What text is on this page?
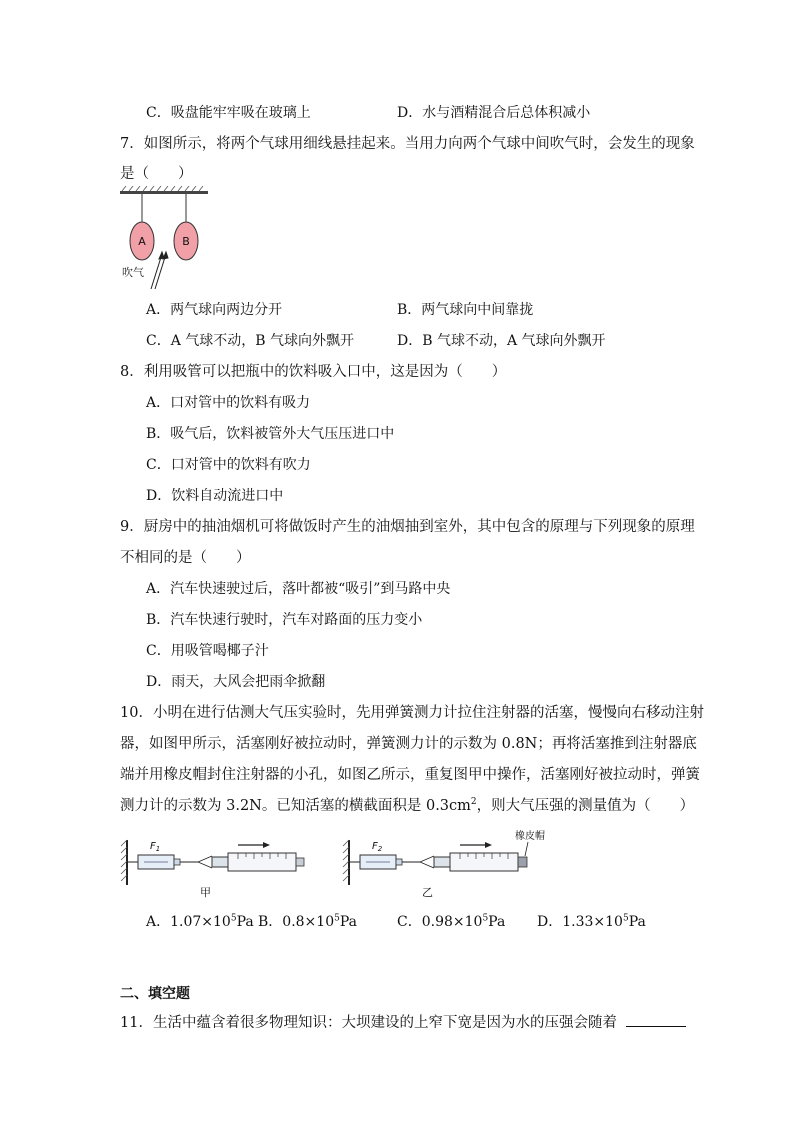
C．吸盘能牢牢吸在玻璃上	D．水与酒精混合后总体积减小
7．如图所示，将两个气球用细线悬挂起来。当用力向两个气球中间吹气时，会发生的现象
是（　　）
A	B
吹气
A．两气球向两边分开	B．两气球向中间靠拢
C．A 气球不动，B 气球向外飘开	D．B 气球不动，A 气球向外飘开
8．利用吸管可以把瓶中的饮料吸入口中，这是因为（　　）
A．口对管中的饮料有吸力
B．吸气后，饮料被管外大气压压进口中
C．口对管中的饮料有吹力
D．饮料自动流进口中
9．厨房中的抽油烟机可将做饭时产生的油烟抽到室外，其中包含的原理与下列现象的原理
不相同的是（　　）
A．汽车快速驶过后，落叶都被“吸引”到马路中央
B．汽车快速行驶时，汽车对路面的压力变小
C．用吸管喝椰子汁
D．雨天，大风会把雨伞掀翻
10．小明在进行估测大气压实验时，先用弹簧测力计拉住注射器的活塞，慢慢向右移动注射
器，如图甲所示，活塞刚好被拉动时，弹簧测力计的示数为 0.8N；再将活塞推到注射器底
端并用橡皮帽封住注射器的小孔，如图乙所示，重复图甲中操作，活塞刚好被拉动时，弹簧
测力计的示数为 3.2N。已知活塞的横截面积是 $0.3cm^2$，则大气压强的测量值为（　　）
$F_1$
甲
$F_2$
橡皮帽
乙
A．$1.07\times 10^5Pa$ B．$0.8\times 10^5Pa$	C．$0.98\times 10^5Pa$ D．$1.33\times 10^5Pa$
二、填空题
11．生活中蕴含着很多物理知识：大坝建设的上窄下宽是因为水的压强会随着
